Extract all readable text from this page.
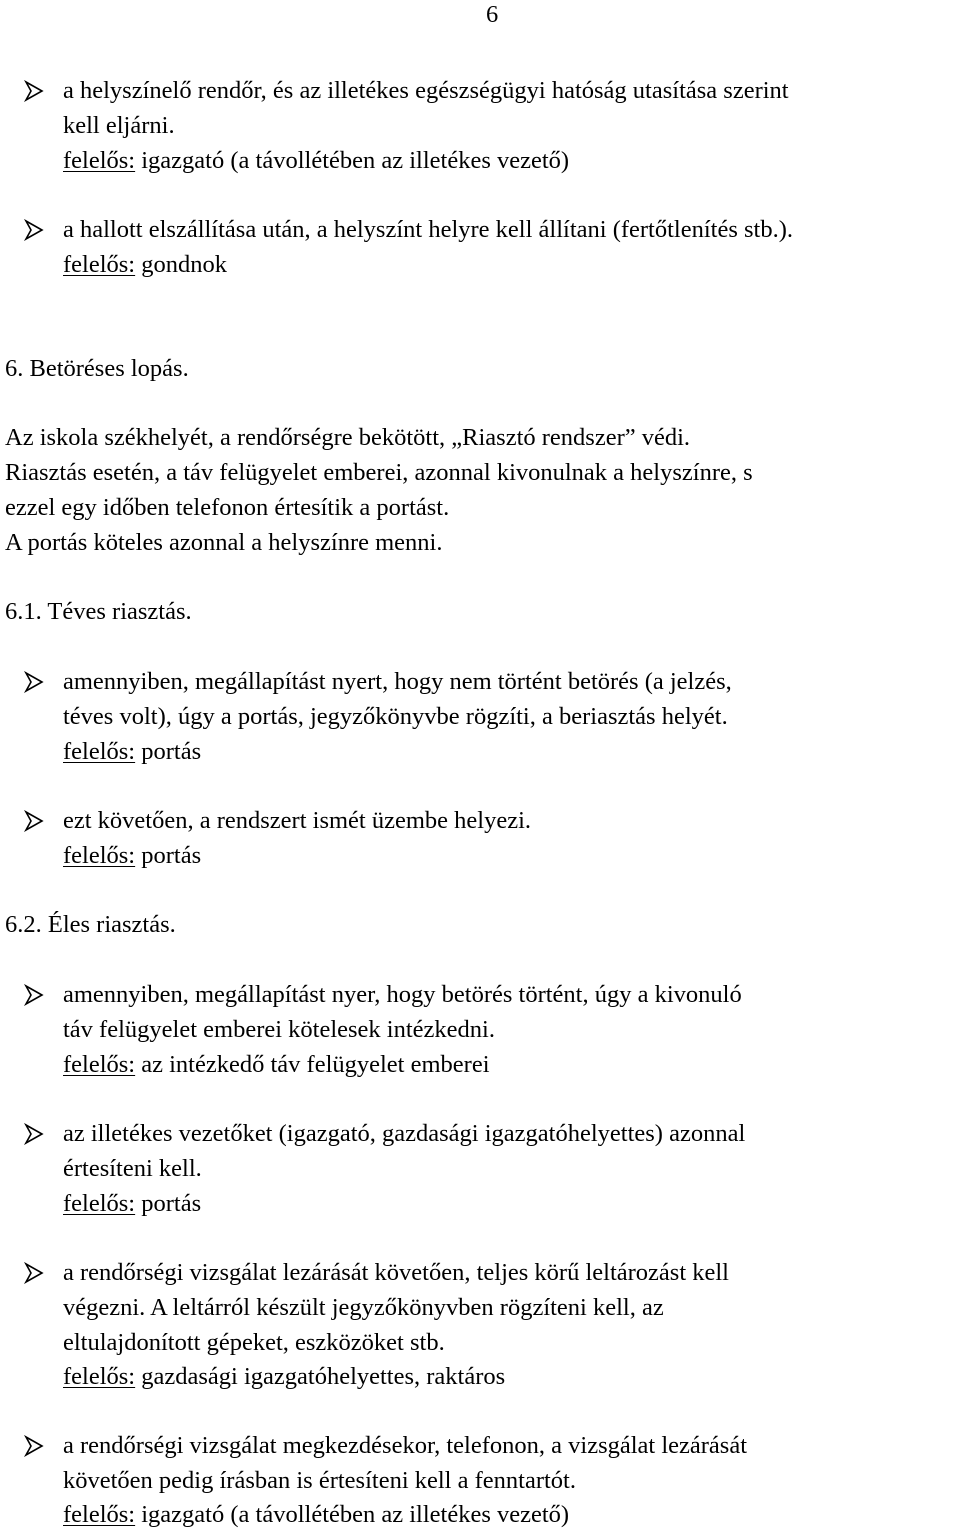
6
a helyszínelő rendőr, és az illetékes egészségügyi hatóság utasítása szerint
kell eljárni.
felelős: igazgató (a távollétében az illetékes vezető)
a hallott elszállítása után, a helyszínt helyre kell állítani (fertőtlenítés stb.).
felelős: gondnok
6. Betöréses lopás.
Az iskola székhelyét, a rendőrségre bekötött, „Riasztó rendszer” védi.
Riasztás esetén, a táv felügyelet emberei, azonnal kivonulnak a helyszínre, s
ezzel egy időben telefonon értesítik a portást.
A portás köteles azonnal a helyszínre menni.
6.1. Téves riasztás.
amennyiben, megállapítást nyert, hogy nem történt betörés (a jelzés,
téves volt), úgy a portás, jegyzőkönyvbe rögzíti, a beriasztás helyét.
felelős: portás
ezt követően, a rendszert ismét üzembe helyezi.
felelős: portás
6.2. Éles riasztás.
amennyiben, megállapítást nyer, hogy betörés történt, úgy a kivonuló
táv felügyelet emberei kötelesek intézkedni.
felelős: az intézkedő táv felügyelet emberei
az illetékes vezetőket (igazgató, gazdasági igazgatóhelyettes) azonnal
értesíteni kell.
felelős: portás
a rendőrségi vizsgálat lezárását követően, teljes körű leltározást kell
végezni. A leltárról készült jegyzőkönyvben rögzíteni kell, az
eltulajdonított gépeket, eszközöket stb.
felelős: gazdasági igazgatóhelyettes, raktáros
a rendőrségi vizsgálat megkezdésekor, telefonon, a vizsgálat lezárását
követően pedig írásban is értesíteni kell a fenntartót.
felelős: igazgató (a távollétében az illetékes vezető)
